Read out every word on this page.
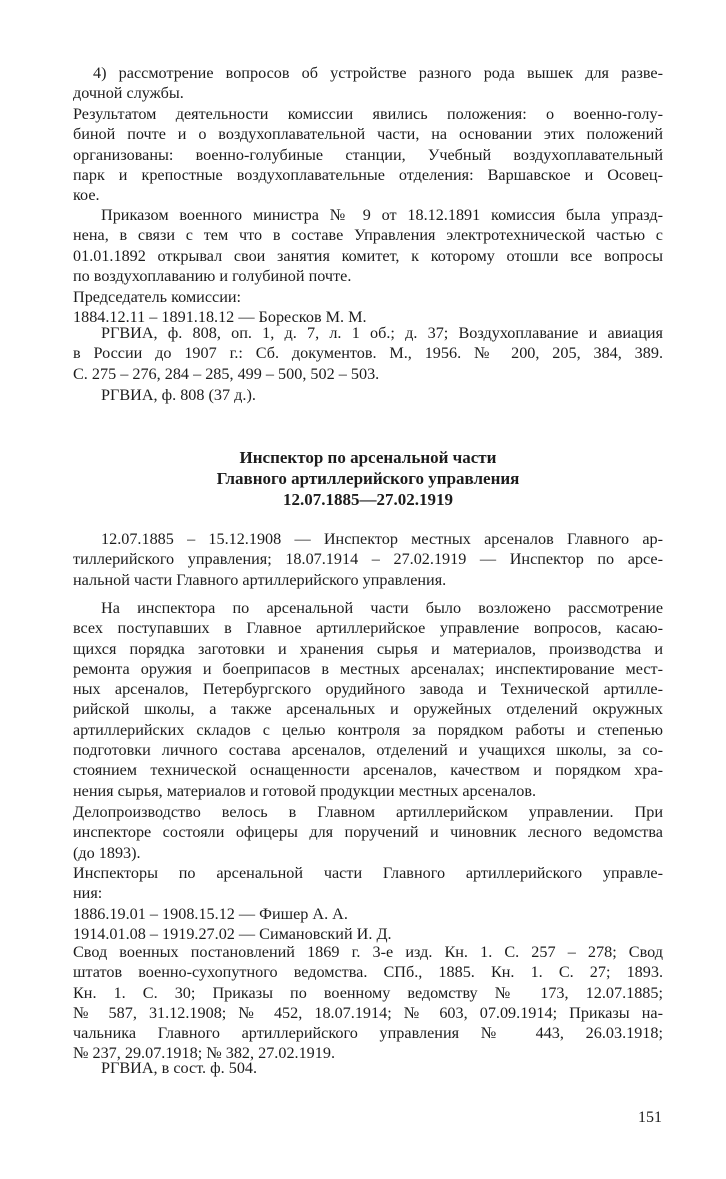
4) рассмотрение вопросов об устройстве разного рода вышек для разве-
дочной службы.

Результатом деятельности комиссии явились положения: о военно-голу-
биной почте и о воздухоплавательной части, на основании этих положений
организованы: военно-голубиные станции, Учебный воздухоплавательный
парк и крепостные воздухоплавательные отделения: Варшавское и Осовец-
кое.

Приказом военного министра № 9 от 18.12.1891 комиссия была упразд-
нена, в связи с тем что в составе Управления электротехнической частью с
01.01.1892 открывал свои занятия комитет, к которому отошли все вопросы
по воздухоплаванию и голубиной почте.

Председатель комиссии:
1884.12.11 – 1891.18.12 — Боресков М. М.

РГВИА, ф. 808, оп. 1, д. 7, л. 1 об.; д. 37; Воздухоплавание и авиация
в России до 1907 г.: Сб. документов. М., 1956. № 200, 205, 384, 389.
С. 275 – 276, 284 – 285, 499 – 500, 502 – 503.

РГВИА, ф. 808 (37 д.).

Инспектор по арсенальной части
Главного артиллерийского управления
12.07.1885—27.02.1919

12.07.1885 – 15.12.1908 — Инспектор местных арсеналов Главного ар-
тиллерийского управления; 18.07.1914 – 27.02.1919 — Инспектор по арсе-
нальной части Главного артиллерийского управления.

На инспектора по арсенальной части было возложено рассмотрение
всех поступавших в Главное артиллерийское управление вопросов, касаю-
щихся порядка заготовки и хранения сырья и материалов, производства и
ремонта оружия и боеприпасов в местных арсеналах; инспектирование мест-
ных арсеналов, Петербургского орудийного завода и Технической артилле-
рийской школы, а также арсенальных и оружейных отделений окружных
артиллерийских складов с целью контроля за порядком работы и степенью
подготовки личного состава арсеналов, отделений и учащихся школы, за со-
стоянием технической оснащенности арсеналов, качеством и порядком хра-
нения сырья, материалов и готовой продукции местных арсеналов.

Делопроизводство велось в Главном артиллерийском управлении. При
инспекторе состояли офицеры для поручений и чиновник лесного ведомства
(до 1893).

Инспекторы по арсенальной части Главного артиллерийского управле-
ния:
1886.19.01 – 1908.15.12 — Фишер А. А.
1914.01.08 – 1919.27.02 — Симановский И. Д.

Свод военных постановлений 1869 г. 3-е изд. Кн. 1. С. 257 – 278; Свод
штатов военно-сухопутного ведомства. СПб., 1885. Кн. 1. С. 27; 1893.
Кн. 1. С. 30; Приказы по военному ведомству № 173, 12.07.1885;
№ 587, 31.12.1908; № 452, 18.07.1914; № 603, 07.09.1914; Приказы на-
чальника Главного артиллерийского управления № 443, 26.03.1918;
№ 237, 29.07.1918; № 382, 27.02.1919.

РГВИА, в сост. ф. 504.

151
